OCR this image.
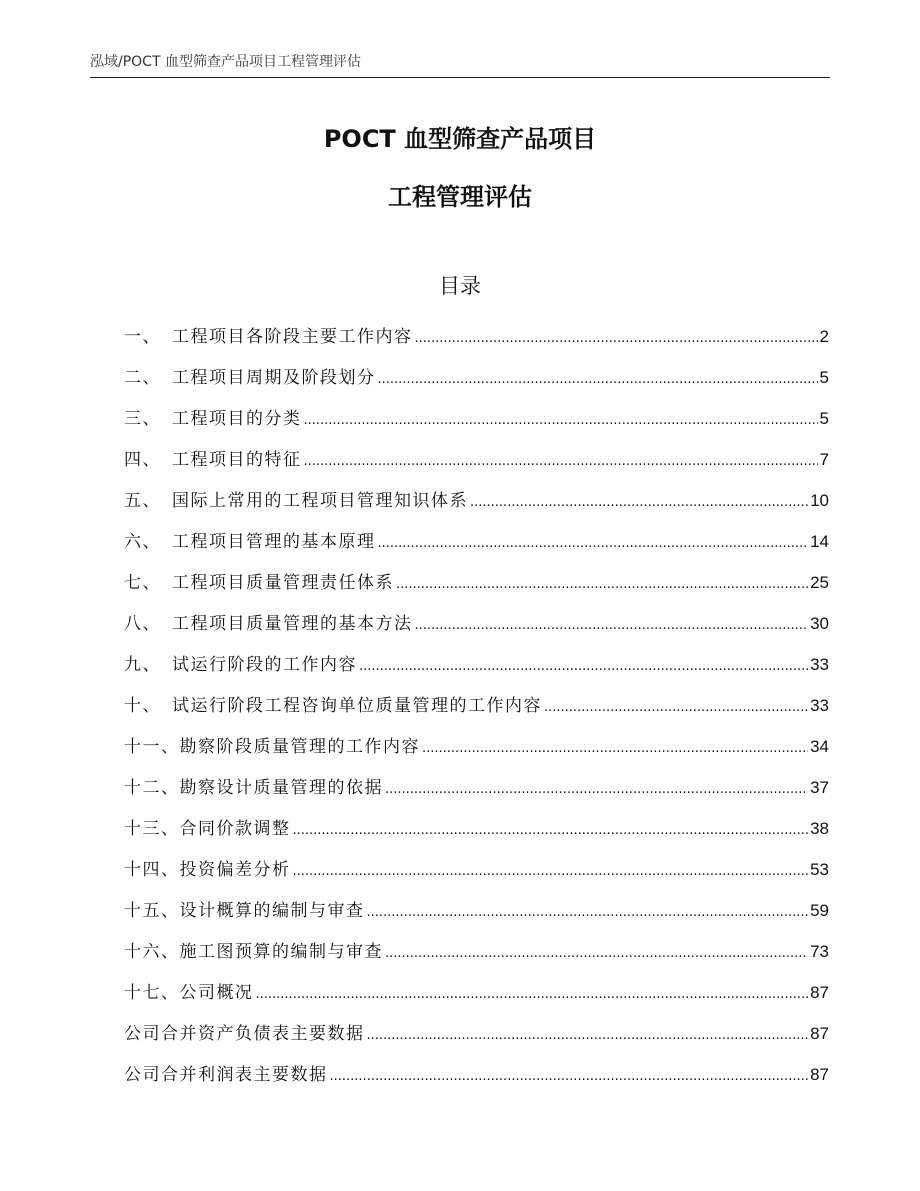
泓域/POCT 血型筛查产品项目工程管理评估
POCT 血型筛查产品项目
工程管理评估
目录
一、 工程项目各阶段主要工作内容 .....	2
二、 工程项目周期及阶段划分 .....	5
三、 工程项目的分类 .....	5
四、 工程项目的特征 .....	7
五、 国际上常用的工程项目管理知识体系 .....	10
六、 工程项目管理的基本原理 .....	14
七、 工程项目质量管理责任体系 .....	25
八、 工程项目质量管理的基本方法 .....	30
九、 试运行阶段的工作内容 .....	33
十、 试运行阶段工程咨询单位质量管理的工作内容 .....	33
十一、 勘察阶段质量管理的工作内容 .....	34
十二、 勘察设计质量管理的依据 .....	37
十三、 合同价款调整 .....	38
十四、 投资偏差分析 .....	53
十五、 设计概算的编制与审查 .....	59
十六、 施工图预算的编制与审查 .....	73
十七、 公司概况 .....	87
公司合并资产负债表主要数据 .....	87
公司合并利润表主要数据 .....	87
